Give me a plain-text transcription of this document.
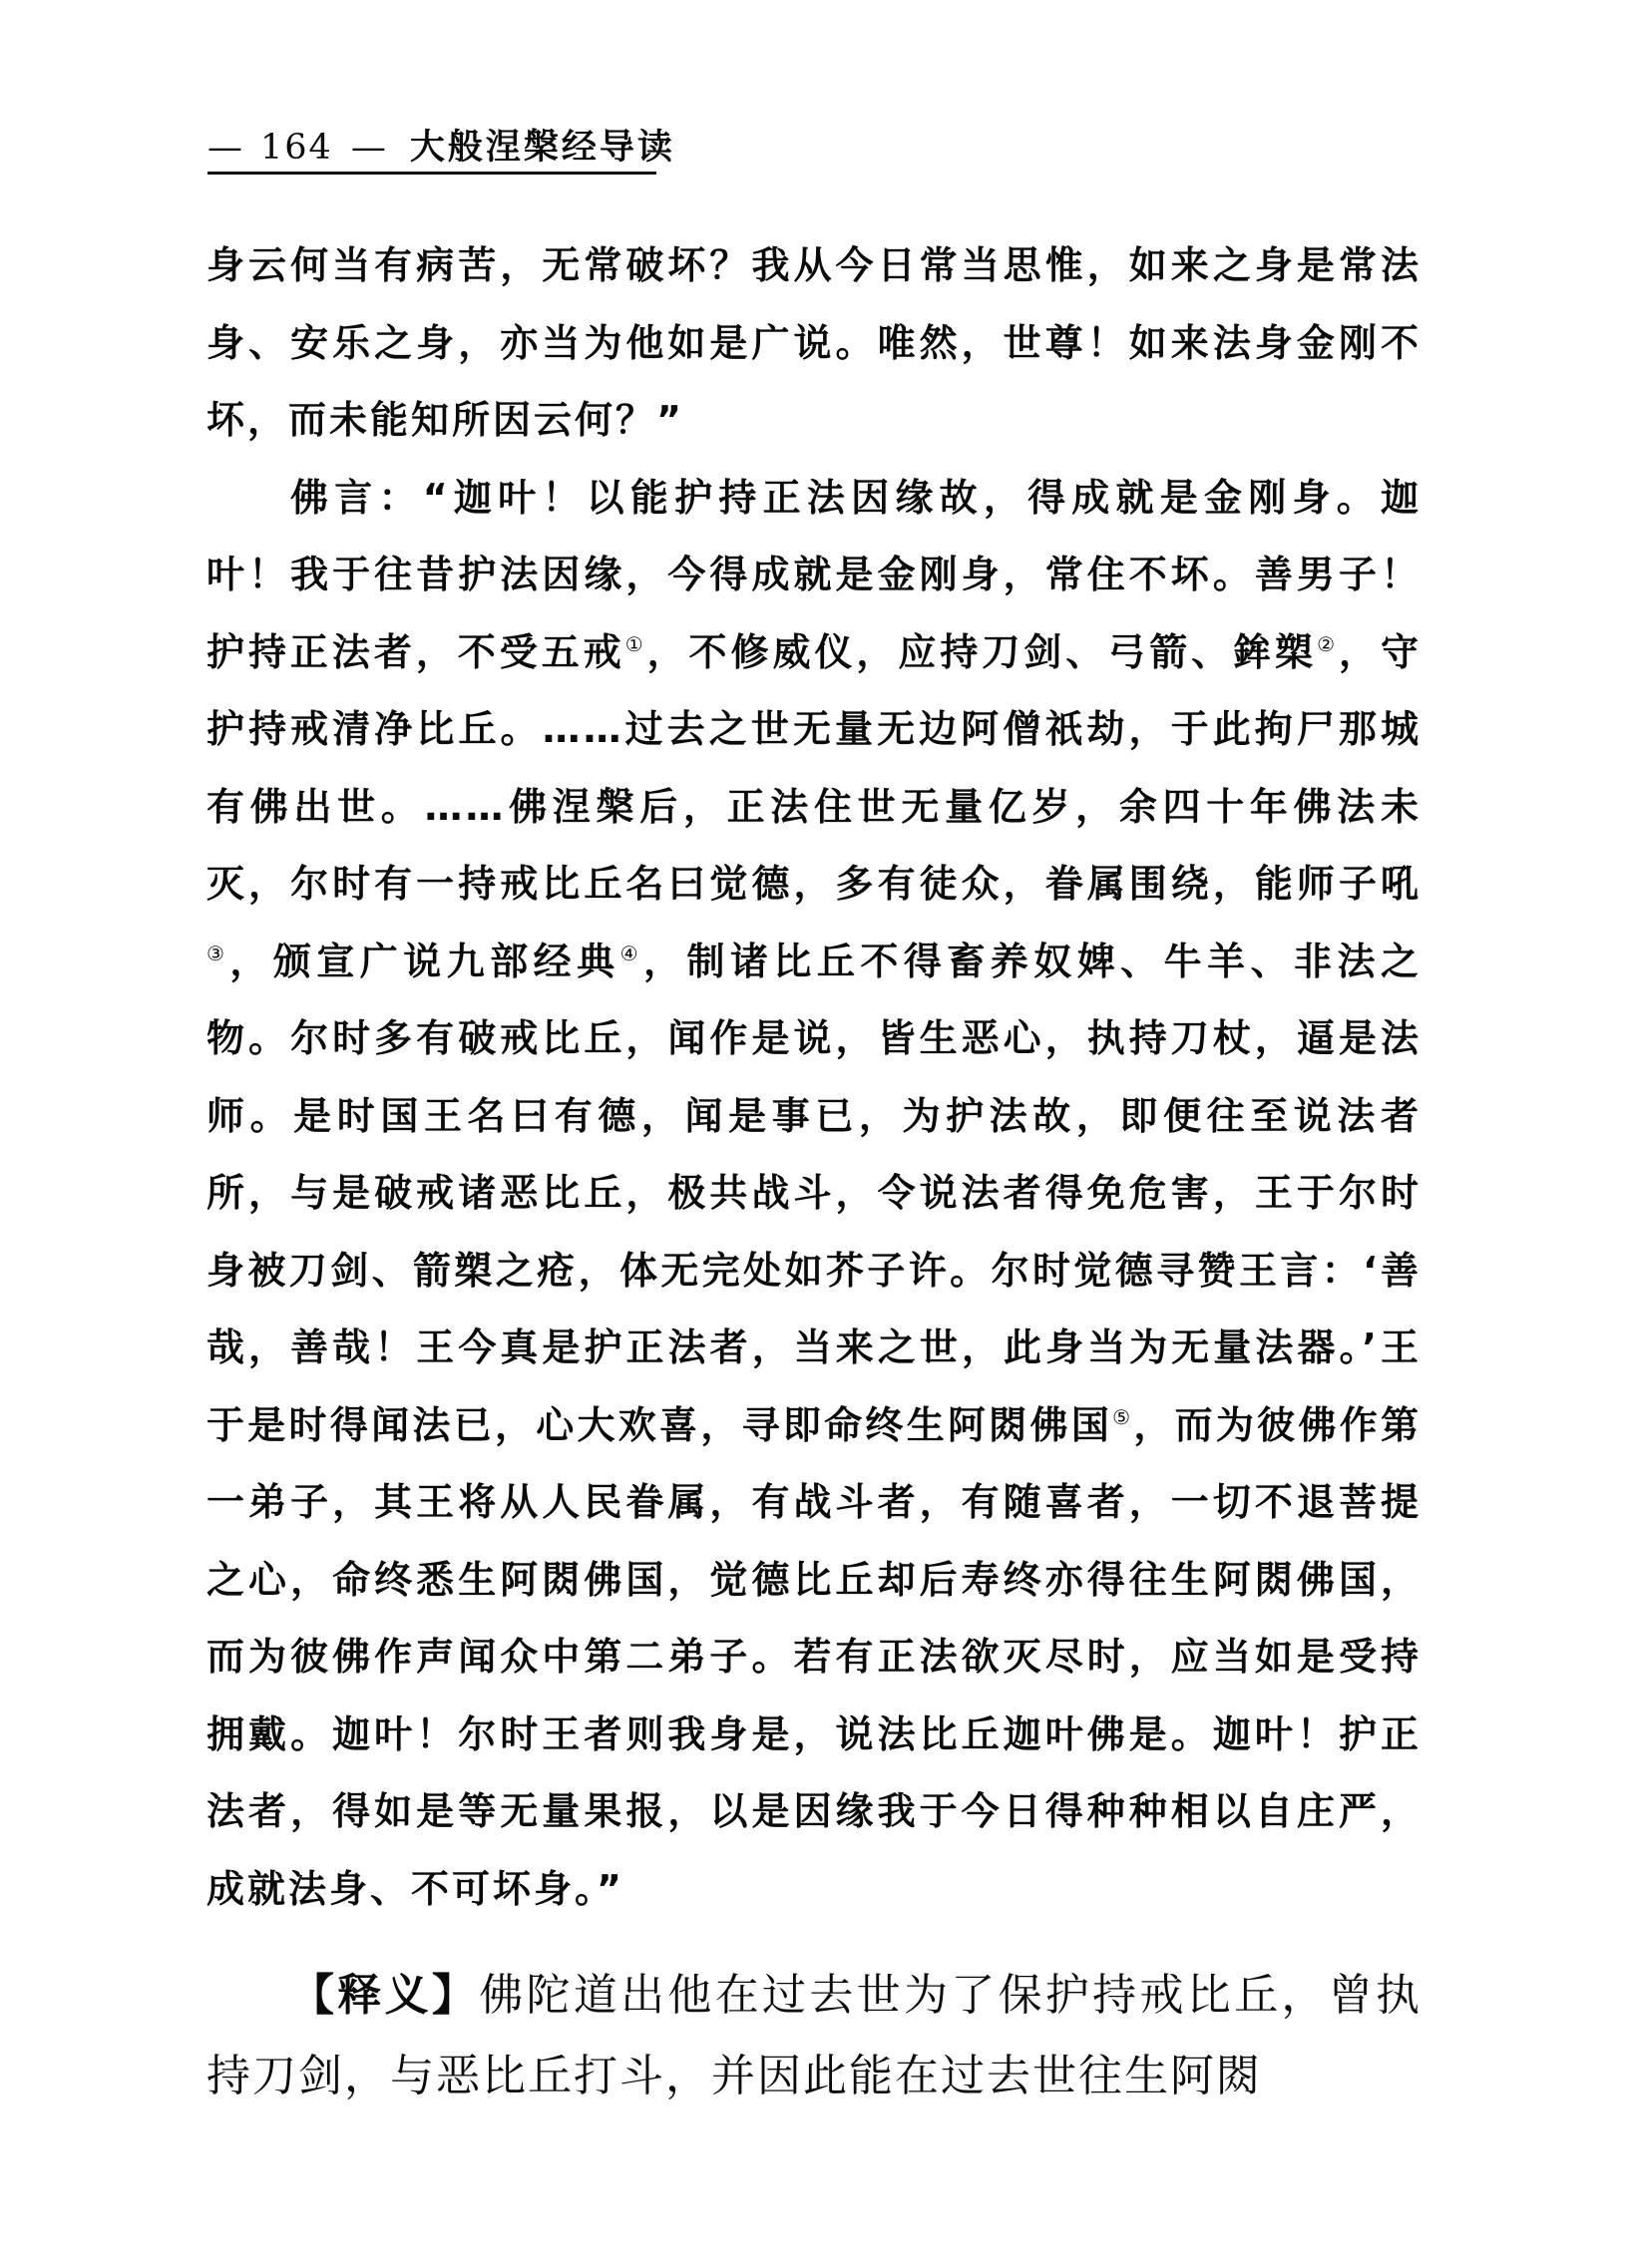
— 164 — 大般涅槃经导读

身云何当有病苦，无常破坏？我从今日常当思惟，如来之身是常法身、安乐之身，亦当为他如是广说。唯然，世尊！如来法身金刚不坏，而未能知所因云何？”

佛言：“迦叶！以能护持正法因缘故，得成就是金刚身。迦叶！我于往昔护法因缘，今得成就是金刚身，常住不坏。善男子！护持正法者，不受五戒①，不修威仪，应持刀剑、弓箭、鉾槊②，守护持戒清净比丘。……过去之世无量无边阿僧祇劫，于此拘尸那城有佛出世。……佛涅槃后，正法住世无量亿岁，余四十年佛法未灭，尔时有一持戒比丘名曰觉德，多有徒众，眷属围绕，能师子吼③，颁宣广说九部经典④，制诸比丘不得畜养奴婢、牛羊、非法之物。尔时多有破戒比丘，闻作是说，皆生恶心，执持刀杖，逼是法师。是时国王名曰有德，闻是事已，为护法故，即便往至说法者所，与是破戒诸恶比丘，极共战斗，令说法者得免危害，王于尔时身被刀剑、箭槊之疮，体无完处如芥子许。尔时觉德寻赞王言：‘善哉，善哉！王今真是护正法者，当来之世，此身当为无量法器。’王于是时得闻法已，心大欢喜，寻即命终生阿閦佛国⑤，而为彼佛作第一弟子，其王将从人民眷属，有战斗者，有随喜者，一切不退菩提之心，命终悉生阿閦佛国，觉德比丘却后寿终亦得往生阿閦佛国，而为彼佛作声闻众中第二弟子。若有正法欲灭尽时，应当如是受持拥戴。迦叶！尔时王者则我身是，说法比丘迦叶佛是。迦叶！护正法者，得如是等无量果报，以是因缘我于今日得种种相以自庄严，成就法身、不可坏身。”

【释义】佛陀道出他在过去世为了保护持戒比丘，曾执持刀剑，与恶比丘打斗，并因此能在过去世往生阿閦
